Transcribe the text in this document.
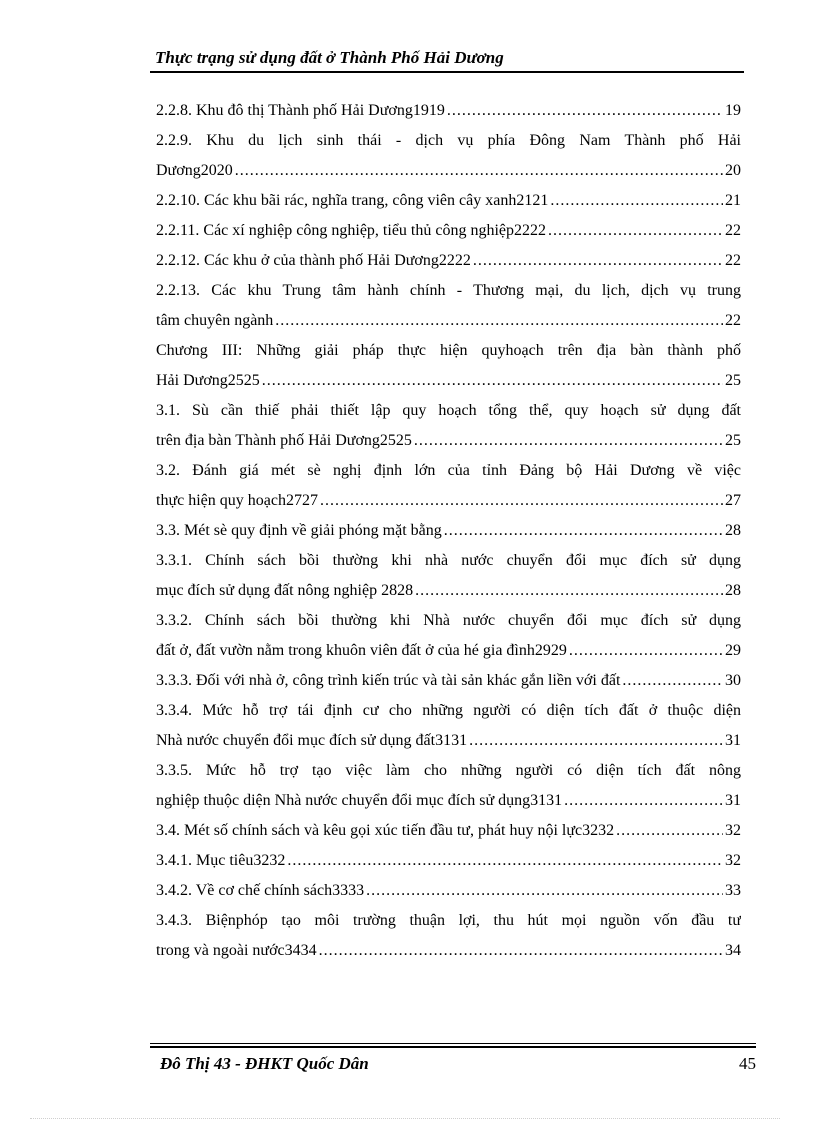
Thực trạng sử dụng đất ở Thành Phố Hải Dương
2.2.8. Khu đô thị Thành phố Hải Dương1919 .....	19
2.2.9. Khu du lịch sinh thái - dịch vụ phía Đông Nam Thành phố Hải
Dương2020 .....	20
2.2.10. Các khu bãi rác, nghĩa trang, công viên cây xanh2121 .....	21
2.2.11. Các xí nghiệp công nghiệp, tiểu thủ công nghiệp2222 .....	22
2.2.12. Các khu ở của thành phố Hải Dương2222 .....	22
2.2.13. Các khu Trung tâm hành chính - Thương mại, du lịch, dịch vụ trung
tâm chuyên ngành .....	22
Chương III: Những giải pháp thực hiện quyhoạch trên địa bàn thành phố
Hải Dương2525 .....	25
3.1. Sù cần thiế phải thiết lập quy hoạch tổng thể, quy hoạch sử dụng đất
trên địa bàn Thành phố Hải Dương2525 .....	25
3.2. Đánh giá mét sè nghị định lớn của tỉnh Đảng bộ Hải Dương về việc
thực hiện quy hoạch2727 .....	27
3.3. Mét sè quy định về giải phóng mặt bằng .....	28
3.3.1. Chính sách bồi thường khi nhà nước chuyển đổi mục đích sử dụng
mục đích sử dụng đất nông nghiệp 2828 .....	28
3.3.2. Chính sách bồi thường khi Nhà nước chuyển đổi mục đích sử dụng
đất ở, đất vườn nằm trong khuôn viên đất ở của hé gia đình2929 .....	29
3.3.3. Đối với nhà ở, công trình kiến trúc và tài sản khác gắn liền với đất .....	30
3.3.4. Mức hỗ trợ tái định cư cho những người có diện tích đất ở thuộc diện
Nhà nước chuyển đổi mục đích sử dụng đất3131 .....	31
3.3.5. Mức hỗ trợ tạo việc làm cho những người có diện tích đất nông
nghiệp thuộc diện Nhà nước chuyển đổi mục đích sử dụng3131 .....	31
3.4. Mét số chính sách và kêu gọi xúc tiến đầu tư, phát huy nội lực3232 .....	32
3.4.1. Mục tiêu3232 .....	32
3.4.2. Về cơ chế chính sách3333 .....	33
3.4.3. Biệnphóp tạo môi trường thuận lợi, thu hút mọi nguồn vốn đầu tư
trong và ngoài nước3434 .....	34
Đô Thị 43 - ĐHKT Quốc Dân	45
